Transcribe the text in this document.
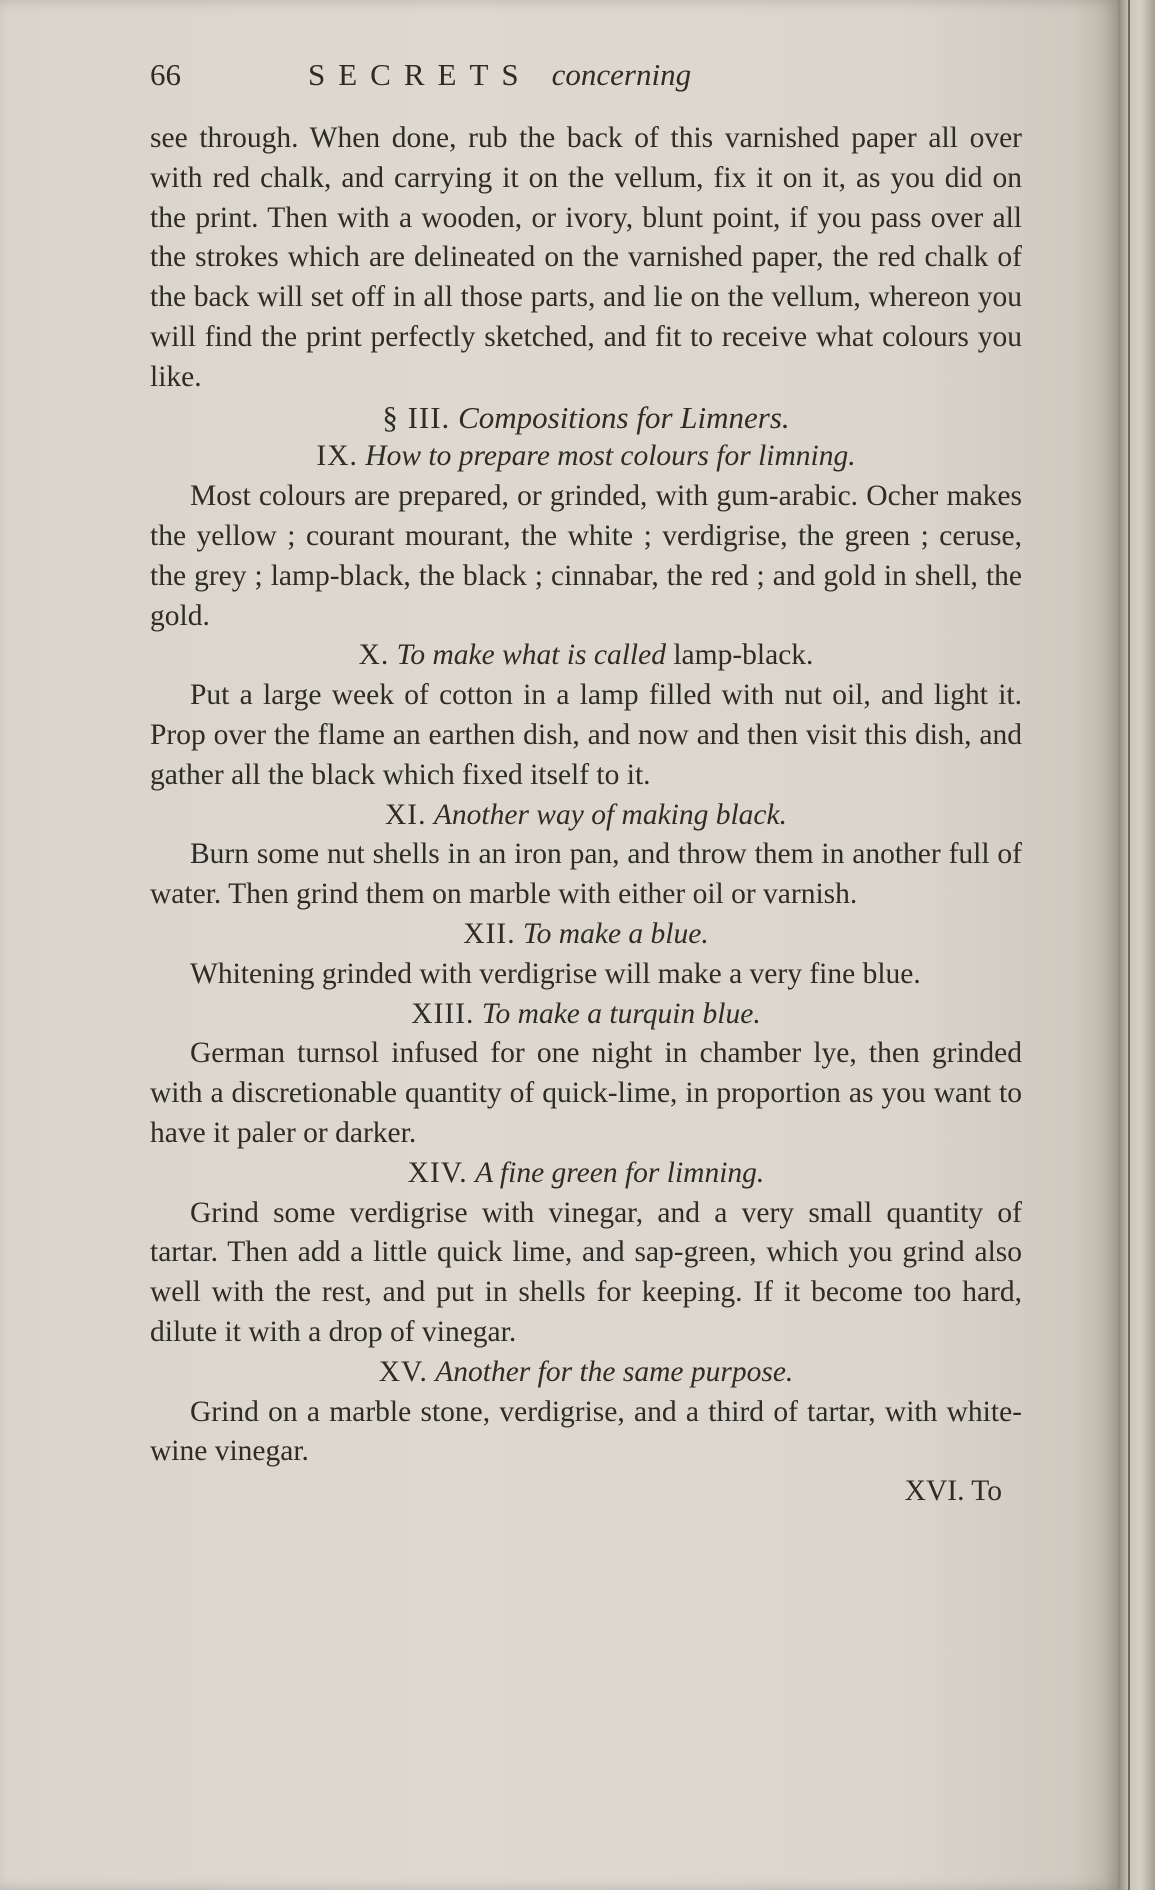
66	SECRETS concerning

see through. When done, rub the back of this varnished paper all over with red chalk, and carrying it on the vellum, fix it on it, as you did on the print. Then with a wooden, or ivory, blunt point, if you pass over all the strokes which are delineated on the varnished paper, the red chalk of the back will set off in all those parts, and lie on the vellum, whereon you will find the print perfectly sketched, and fit to receive what colours you like.

§ III. Compositions for Limners.

IX. How to prepare most colours for limning.

Most colours are prepared, or grinded, with gum-arabic. Ocher makes the yellow ; courant mourant, the white ; verdigrise, the green ; ceruse, the grey ; lamp-black, the black ; cinnabar, the red ; and gold in shell, the gold.

X. To make what is called lamp-black.

Put a large week of cotton in a lamp filled with nut oil, and light it. Prop over the flame an earthen dish, and now and then visit this dish, and gather all the black which fixed itself to it.

XI. Another way of making black.

Burn some nut shells in an iron pan, and throw them in another full of water. Then grind them on marble with either oil or varnish.

XII. To make a blue.

Whitening grinded with verdigrise will make a very fine blue.

XIII. To make a turquin blue.

German turnsol infused for one night in chamber lye, then grinded with a discretionable quantity of quick-lime, in proportion as you want to have it paler or darker.

XIV. A fine green for limning.

Grind some verdigrise with vinegar, and a very small quantity of tartar. Then add a little quick lime, and sap-green, which you grind also well with the rest, and put in shells for keeping. If it become too hard, dilute it with a drop of vinegar.

XV. Another for the same purpose.

Grind on a marble stone, verdigrise, and a third of tartar, with white-wine vinegar.

XVI. To
